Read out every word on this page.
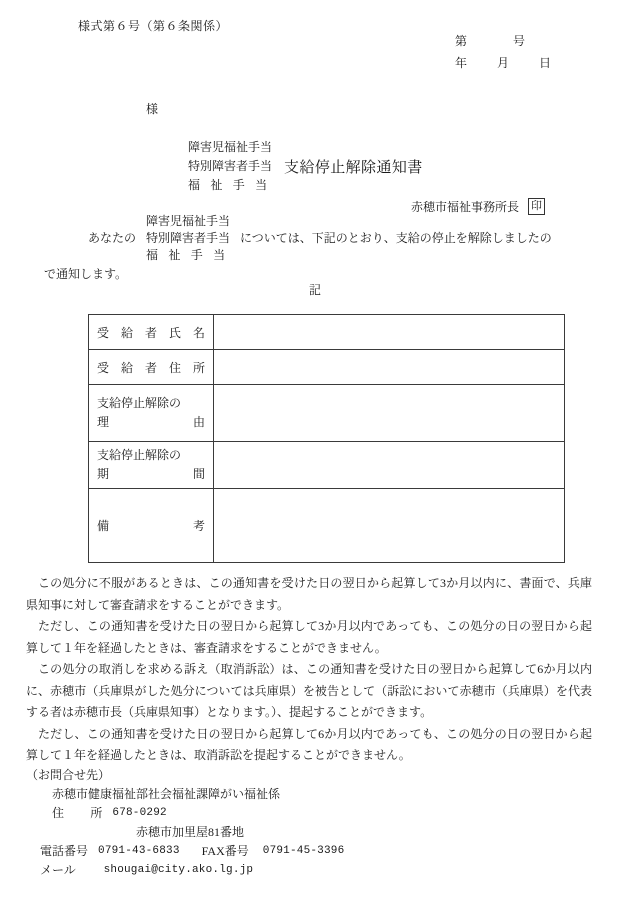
様式第６号（第６条関係）
第	号
年	月	日
様
障害児福祉手当
特別障害者手当
福 祉 手 当
支給停止解除通知書
赤穂市福祉事務所長 印
障害児福祉手当
あなたの 特別障害者手当 については、下記のとおり、支給の停止を解除しましたの
福 祉 手 当
で通知します。
記
受 給 者 氏 名	

受 給 者 住 所	

支給停止解除の
理 由	

支給停止解除の
期 間	

備 考	

この処分に不服があるときは、この通知書を受けた日の翌日から起算して3か月以内に、書面で、兵庫県知事に対して審査請求をすることができます。

ただし、この通知書を受けた日の翌日から起算して3か月以内であっても、この処分の日の翌日から起算して１年を経過したときは、審査請求をすることができません。

この処分の取消しを求める訴え（取消訴訟）は、この通知書を受けた日の翌日から起算して6か月以内に、赤穂市（兵庫県がした処分については兵庫県）を被告として（訴訟において赤穂市（兵庫県）を代表する者は赤穂市長（兵庫県知事）となります。）、提起することができます。

ただし、この通知書を受けた日の翌日から起算して6か月以内であっても、この処分の日の翌日から起算して１年を経過したときは、取消訴訟を提起することができません。

（お問合せ先）
赤穂市健康福祉部社会福祉課障がい福祉係
住 所 678-0292
赤穂市加里屋81番地
電話番号 0791-43-6833 FAX番号 0791-45-3396
メール	shougai@city.ako.lg.jp
